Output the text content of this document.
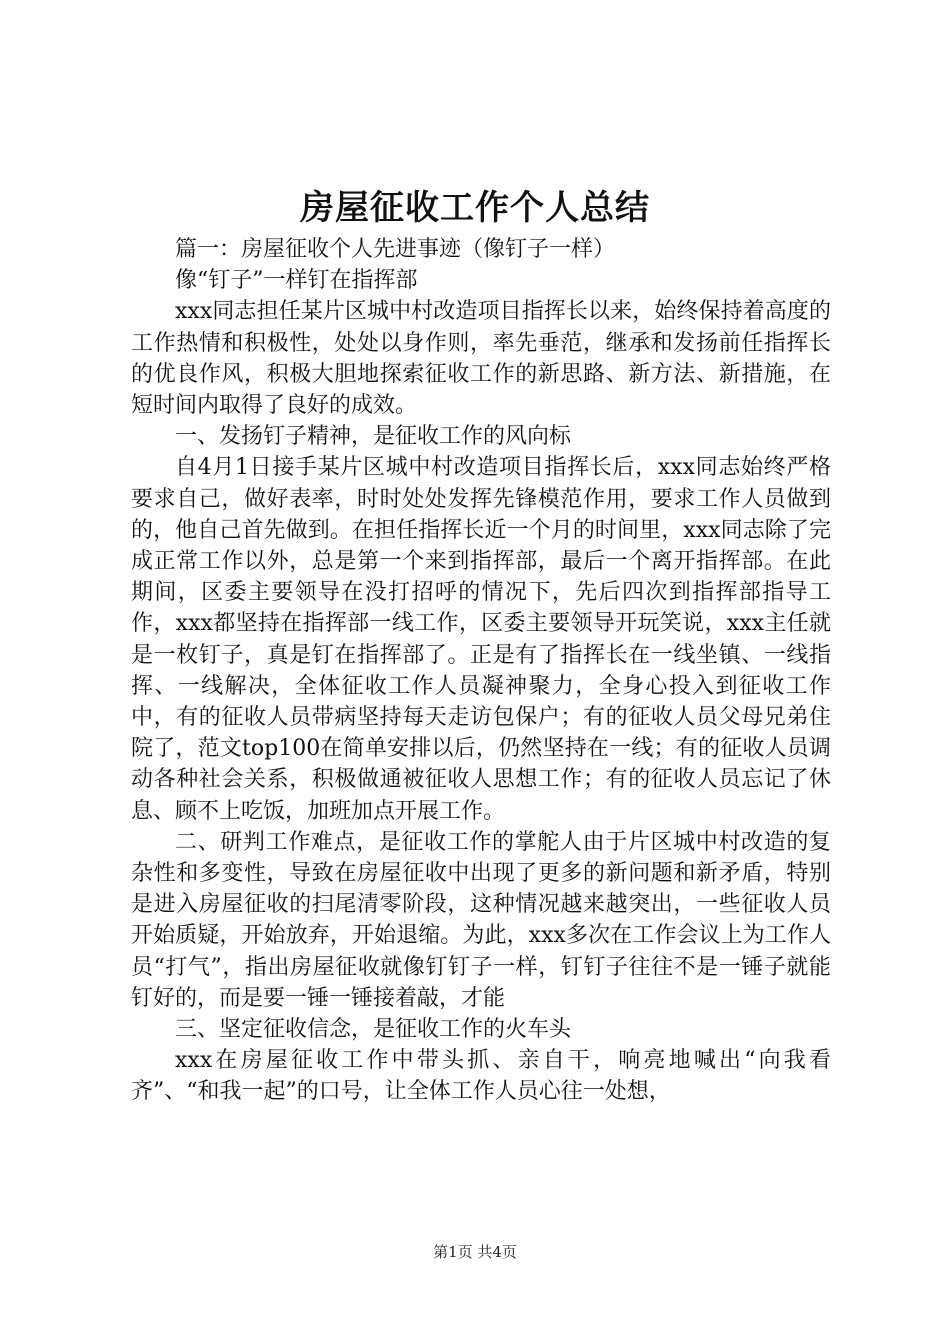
房屋征收工作个人总结

篇一：房屋征收个人先进事迹（像钉子一样）

像“钉子”一样钉在指挥部

xxx同志担任某片区城中村改造项目指挥长以来，始终保持着高度的工作热情和积极性，处处以身作则，率先垂范，继承和发扬前任指挥长的优良作风，积极大胆地探索征收工作的新思路、新方法、新措施，在短时间内取得了良好的成效。

一、发扬钉子精神，是征收工作的风向标

自4月1日接手某片区城中村改造项目指挥长后，xxx同志始终严格要求自己，做好表率，时时处处发挥先锋模范作用，要求工作人员做到的，他自己首先做到。在担任指挥长近一个月的时间里，xxx同志除了完成正常工作以外，总是第一个来到指挥部，最后一个离开指挥部。在此期间，区委主要领导在没打招呼的情况下，先后四次到指挥部指导工作，xxx都坚持在指挥部一线工作，区委主要领导开玩笑说，xxx主任就是一枚钉子，真是钉在指挥部了。正是有了指挥长在一线坐镇、一线指挥、一线解决，全体征收工作人员凝神聚力，全身心投入到征收工作中，有的征收人员带病坚持每天走访包保户；有的征收人员父母兄弟住院了，范文top100在简单安排以后，仍然坚持在一线；有的征收人员调动各种社会关系，积极做通被征收人思想工作；有的征收人员忘记了休息、顾不上吃饭，加班加点开展工作。

二、研判工作难点，是征收工作的掌舵人由于片区城中村改造的复杂性和多变性，导致在房屋征收中出现了更多的新问题和新矛盾，特别是进入房屋征收的扫尾清零阶段，这种情况越来越突出，一些征收人员开始质疑，开始放弃，开始退缩。为此，xxx多次在工作会议上为工作人员“打气”，指出房屋征收就像钉钉子一样，钉钉子往往不是一锤子就能钉好的，而是要一锤一锤接着敲，才能

三、坚定征收信念，是征收工作的火车头

xxx在房屋征收工作中带头抓、亲自干，响亮地喊出“向我看齐”、“和我一起”的口号，让全体工作人员心往一处想，

第1页 共4页
